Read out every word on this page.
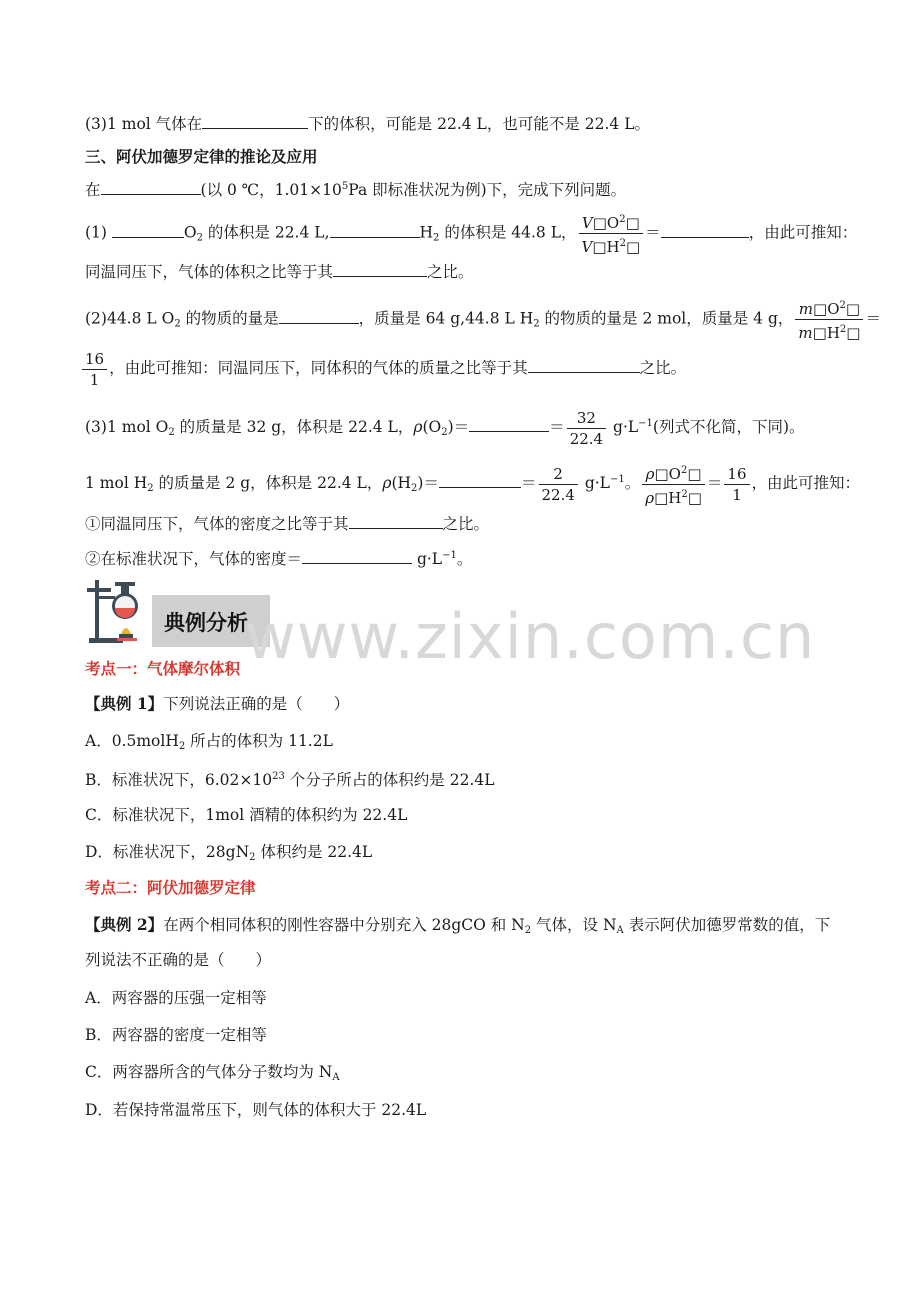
(3)1 mol 气体在	下的体积，可能是 22.4 L，也可能不是 22.4 L。
三、阿伏加德罗定律的推论及应用
在	(以 0 ℃，$1.01\times 10^5Pa$ 即标准状况为例)下，完成下列问题。
(1)	$O_2$ 的体积是 22.4 L,	$H_2$ 的体积是 44.8 L， $\frac{V□O^2□}{V□H^2□}$ ＝	，由此可推知：
同温同压下，气体的体积之比等于其	之比。
(2)44.8 L $O_2$ 的物质的量是	，质量是 64 g,44.8 L $H_2$ 的物质的量是 2 mol，质量是 4 g， $\frac{m□O^2□}{m□H^2□}$ ＝
$\frac{16}{1}$ ，由此可推知：同温同压下，同体积的气体的质量之比等于其	之比。
(3)1 mol $O_2$ 的质量是 32 g，体积是 22.4 L，$\rho(O_2)=$	＝ $\frac{32}{22.4} g\cdot L^{-1}$(列式不化简，下同)。
1 mol $H_2$ 的质量是 2 g，体积是 22.4 L，$\rho(H_2)=$	＝ $\frac{2}{22.4} g\cdot L^{-1}$。 $\frac{\rho□O^2□}{\rho□H^2□} = \frac{16}{1}$ ，由此可推知：
①同温同压下，气体的密度之比等于其	之比。
②在标准状况下，气体的密度＝	$g\cdot L^{-1}$。
典例分析
www.zixin.com.cn
考点一：气体摩尔体积
【典例 1】下列说法正确的是（　　）
A．0.5molH$_2$ 所占的体积为 11.2L
B．标准状况下，$6.02\times 10^{23}$ 个分子所占的体积约是 22.4L
C．标准状况下，1mol 酒精的体积约为 22.4L
D．标准状况下，$28gN_2$ 体积约是 22.4L
考点二：阿伏加德罗定律
【典例 2】在两个相同体积的刚性容器中分别充入 28gCO 和 $N_2$ 气体，设 $N_A$ 表示阿伏加德罗常数的值，下
列说法不正确的是（　　）
A．两容器的压强一定相等
B．两容器的密度一定相等
C．两容器所含的气体分子数均为 $N_A$
D．若保持常温常压下，则气体的体积大于 22.4L
